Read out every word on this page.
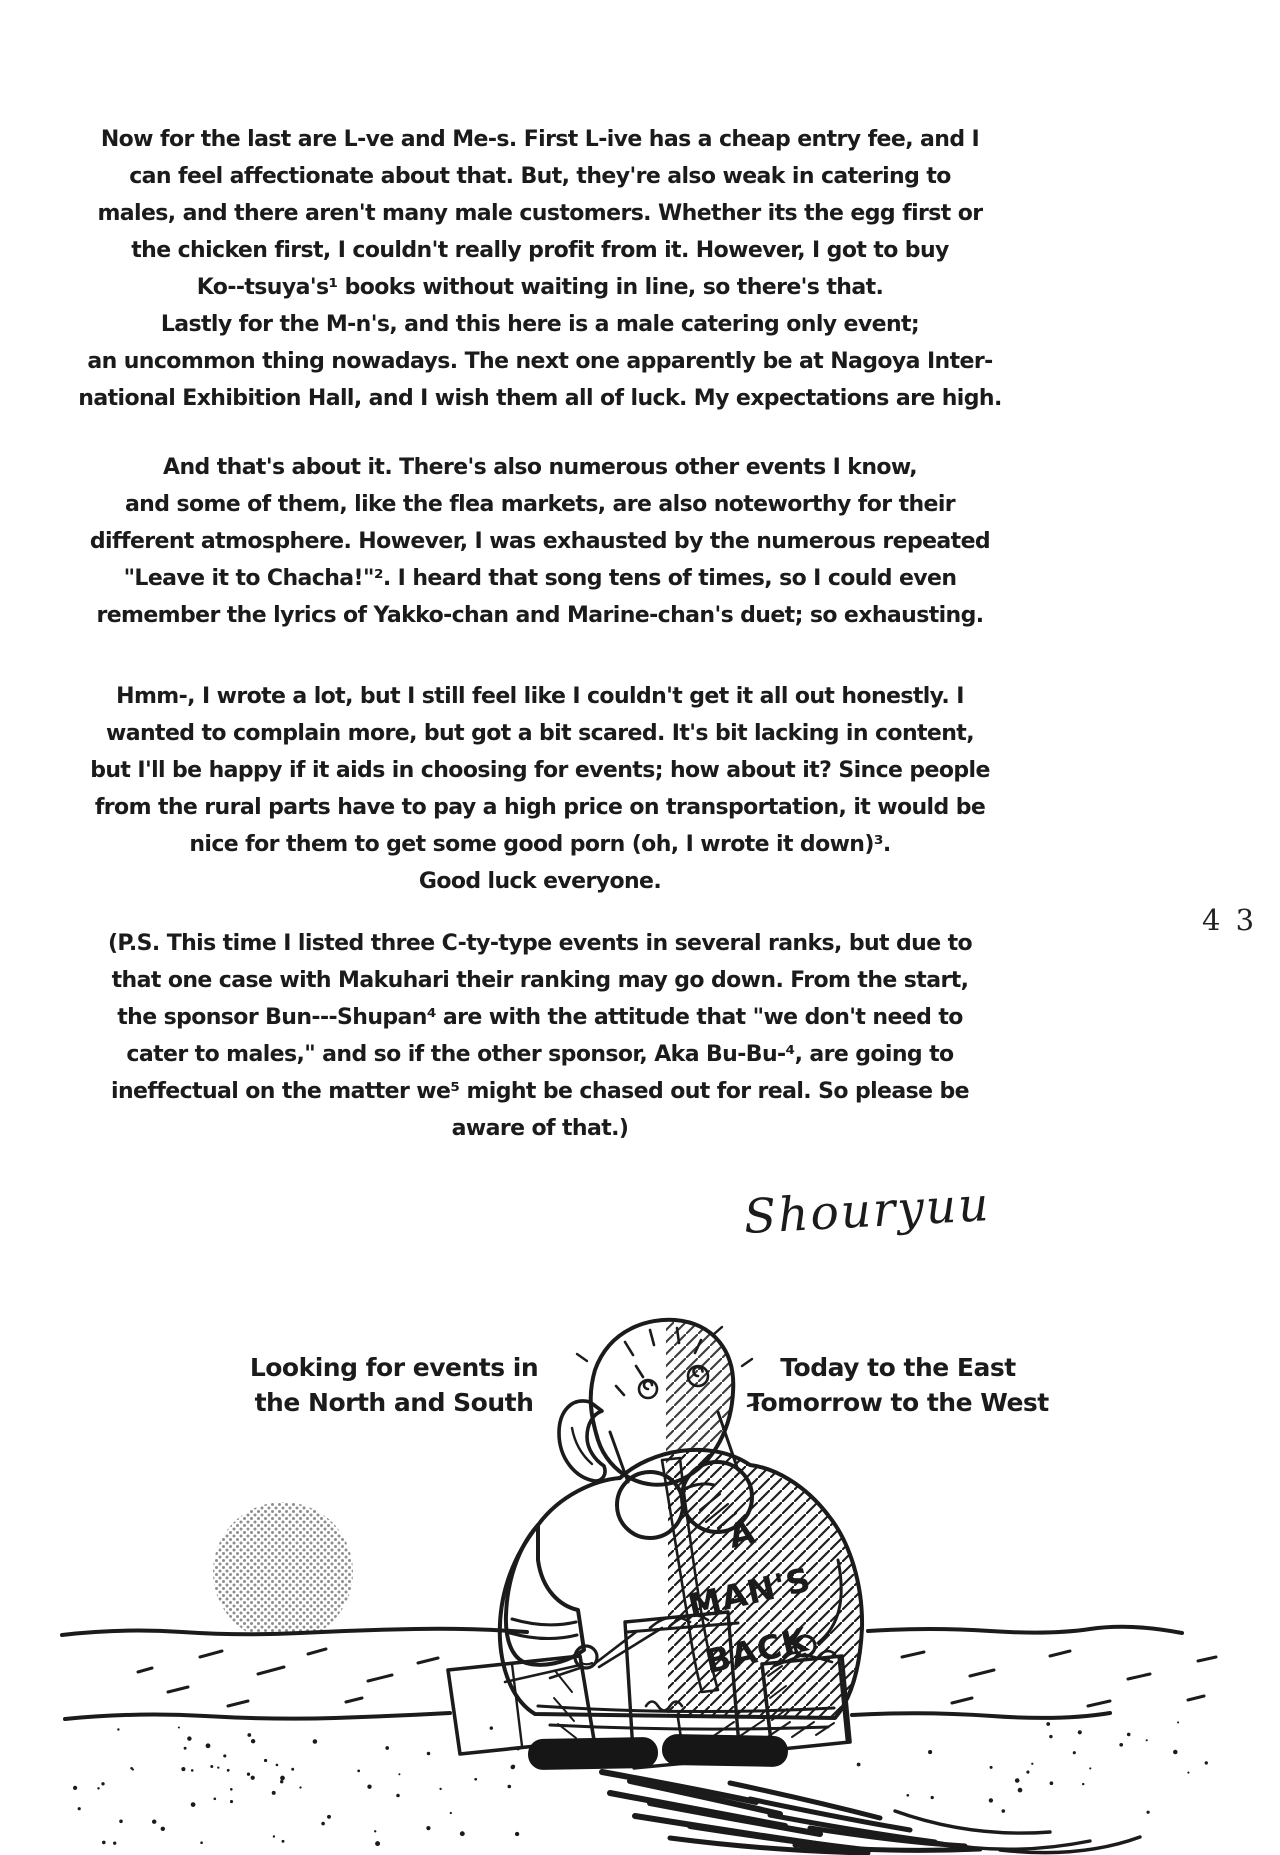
Now for the last are L-ve and Me-s. First L-ive has a cheap entry fee, and I
can feel affectionate about that. But, they're also weak in catering to
males, and there aren't many male customers. Whether its the egg first or
the chicken first, I couldn't really profit from it. However, I got to buy
Ko--tsuya's¹ books without waiting in line, so there's that.
Lastly for the M-n's, and this here is a male catering only event;
an uncommon thing nowadays. The next one apparently be at Nagoya Inter-
national Exhibition Hall, and I wish them all of luck. My expectations are high.
And that's about it. There's also numerous other events I know,
and some of them, like the flea markets, are also noteworthy for their
different atmosphere. However, I was exhausted by the numerous repeated
"Leave it to Chacha!"². I heard that song tens of times, so I could even
remember the lyrics of Yakko-chan and Marine-chan's duet; so exhausting.
Hmm-, I wrote a lot, but I still feel like I couldn't get it all out honestly. I
wanted to complain more, but got a bit scared. It's bit lacking in content,
but I'll be happy if it aids in choosing for events; how about it? Since people
from the rural parts have to pay a high price on transportation, it would be
nice for them to get some good porn (oh, I wrote it down)³.
Good luck everyone.
(P.S. This time I listed three C-ty-type events in several ranks, but due to
that one case with Makuhari their ranking may go down. From the start,
the sponsor Bun---Shupan⁴ are with the attitude that "we don't need to
cater to males," and so if the other sponsor, Aka Bu-Bu-⁴, are going to
ineffectual on the matter we⁵ might be chased out for real. So please be
aware of that.)
4 3
Shouryuu
Looking for events in
the North and South
Today to the East
Tomorrow to the West
A
MAN'S
BACK
